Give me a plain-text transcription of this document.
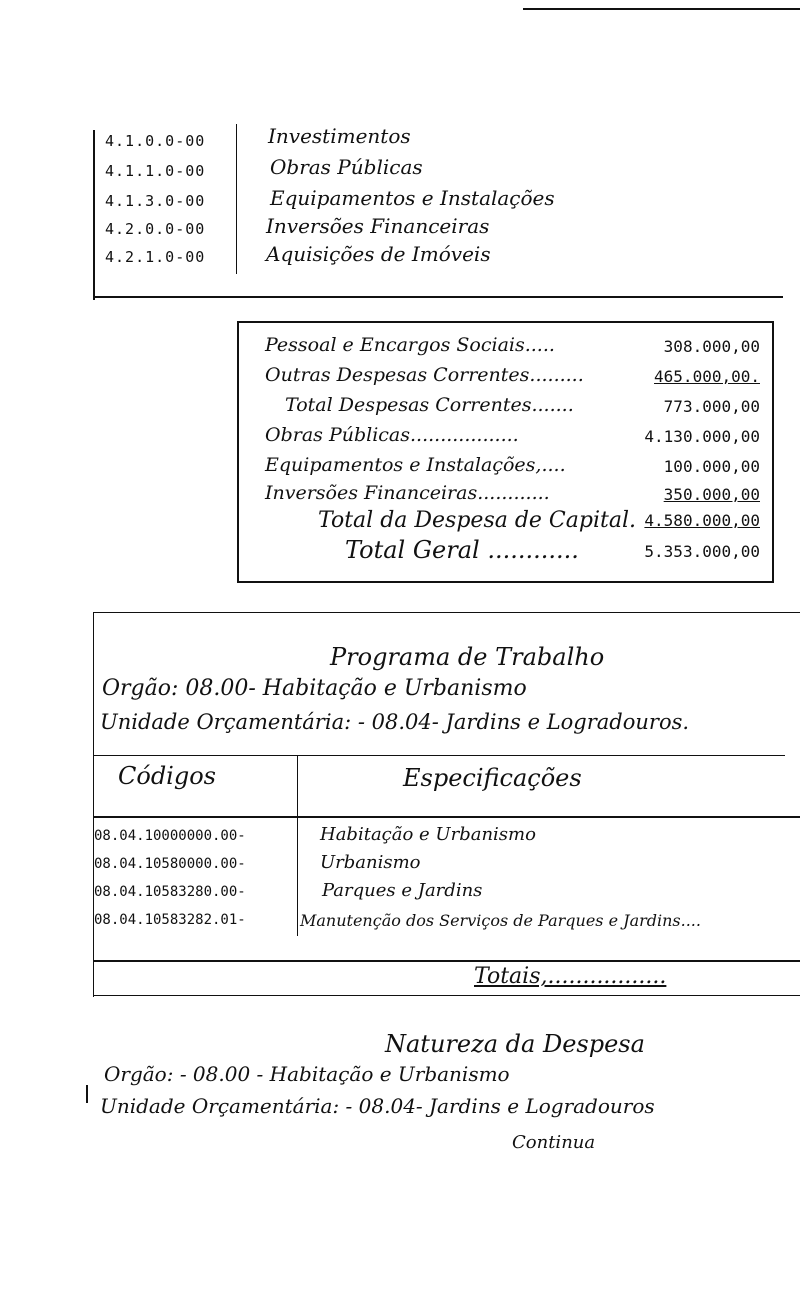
4.1.0.0-00	Investimentos
4.1.1.0-00	Obras Públicas
4.1.3.0-00	Equipamentos e Instalações
4.2.0.0-00	Inversões Financeiras
4.2.1.0-00	Aquisições de Imóveis
Pessoal e Encargos Sociais.....	308.000,00
Outras Despesas Correntes.........	465.000,00.
Total Despesas Correntes.......	773.000,00
Obras Públicas..................	4.130.000,00
Equipamentos e Instalações,....	100.000,00
Inversões Financeiras............	350.000,00
Total da Despesa de Capital. 4.580.000,00
Total Geral ............	5.353.000,00
Programa de Trabalho
Orgão: 08.00- Habitação e Urbanismo
Unidade Orçamentária: - 08.04- Jardins e Logradouros.
Códigos	Especificações
08.04.10000000.00-	Habitação e Urbanismo
08.04.10580000.00-	Urbanismo
08.04.10583280.00-	Parques e Jardins
08.04.10583282.01-	Manutenção dos Serviços de Parques e Jardins....
Totais,.................
Natureza da Despesa
Orgão: - 08.00 - Habitação e Urbanismo
Unidade Orçamentária: - 08.04- Jardins e Logradouros
Continua
